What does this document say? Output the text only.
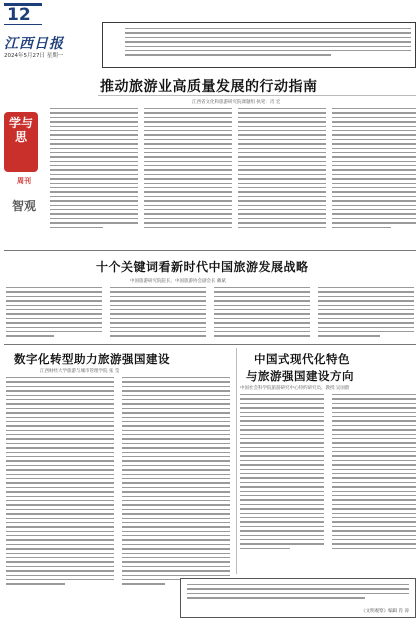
12
江西日报
2024年5月27日 星期一
学与思
周刊
智观
推动旅游业高质量发展的行动指南
江西省文化和旅游研究院课题组 执笔：肖 宏
十个关键词看新时代中国旅游发展战略
中国旅游研究院院长、中国旅游协会副会长 戴斌
数字化转型助力旅游强国建设
江西财经大学旅游与城市管理学院 张 莹
中国式现代化特色
与旅游强国建设方向
中国社会科学院旅游研究中心特约研究员、教授 吴国蔚
《文明观察》编辑 肖 涛
